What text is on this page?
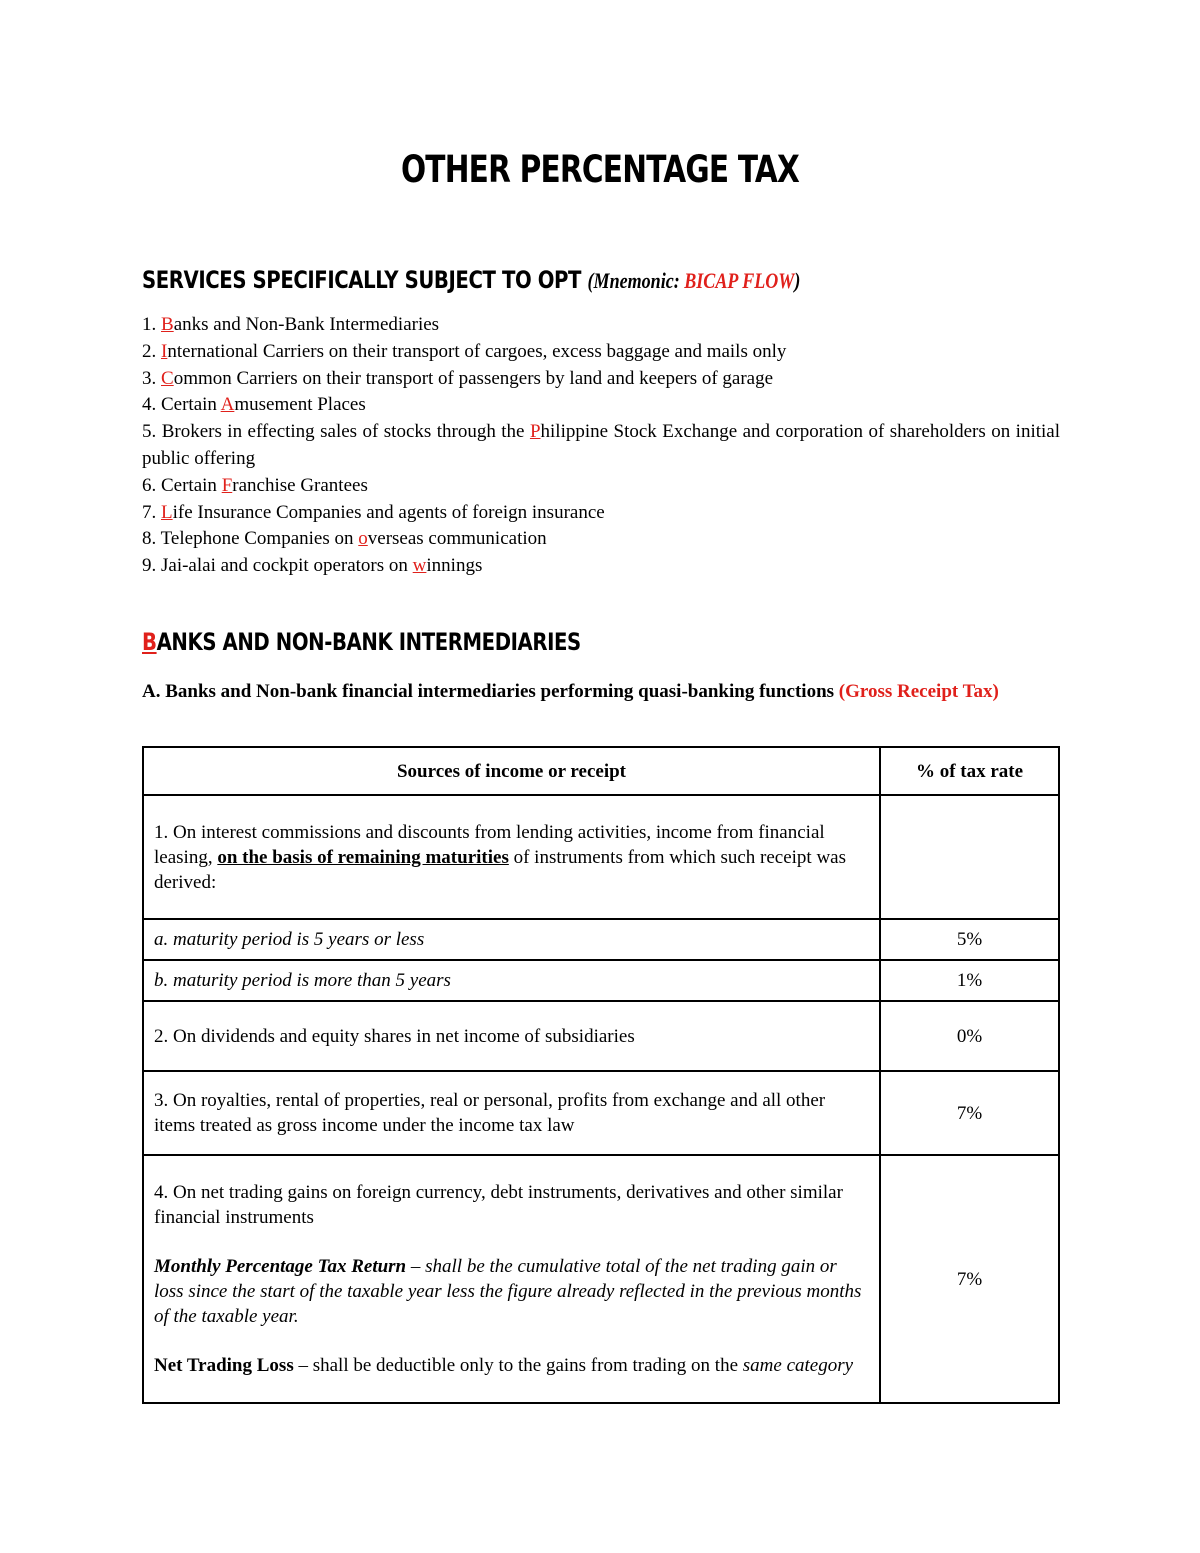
OTHER PERCENTAGE TAX
SERVICES SPECIFICALLY SUBJECT TO OPT (Mnemonic: BICAP FLOW)
1. Banks and Non-Bank Intermediaries
2. International Carriers on their transport of cargoes, excess baggage and mails only
3. Common Carriers on their transport of passengers by land and keepers of garage
4. Certain Amusement Places
5. Brokers in effecting sales of stocks through the Philippine Stock Exchange and corporation of shareholders on initial public offering
6. Certain Franchise Grantees
7. Life Insurance Companies and agents of foreign insurance
8. Telephone Companies on overseas communication
9. Jai-alai and cockpit operators on winnings
BANKS AND NON-BANK INTERMEDIARIES

A. Banks and Non-bank financial intermediaries performing quasi-banking functions (Gross Receipt Tax)

Sources of income or receipt	% of tax rate
1. On interest commissions and discounts from lending activities, income from financial leasing, on the basis of remaining maturities of instruments from which such receipt was derived:	
a. maturity period is 5 years or less	5%
b. maturity period is more than 5 years	1%
2. On dividends and equity shares in net income of subsidiaries	0%
3. On royalties, rental of properties, real or personal, profits from exchange and all other items treated as gross income under the income tax law	7%

4. On net trading gains on foreign currency, debt instruments, derivatives and other similar financial instruments

Monthly Percentage Tax Return – shall be the cumulative total of the net trading gain or loss since the start of the taxable year less the figure already reflected in the previous months of the taxable year.

Net Trading Loss – shall be deductible only to the gains from trading on the same category	7%
